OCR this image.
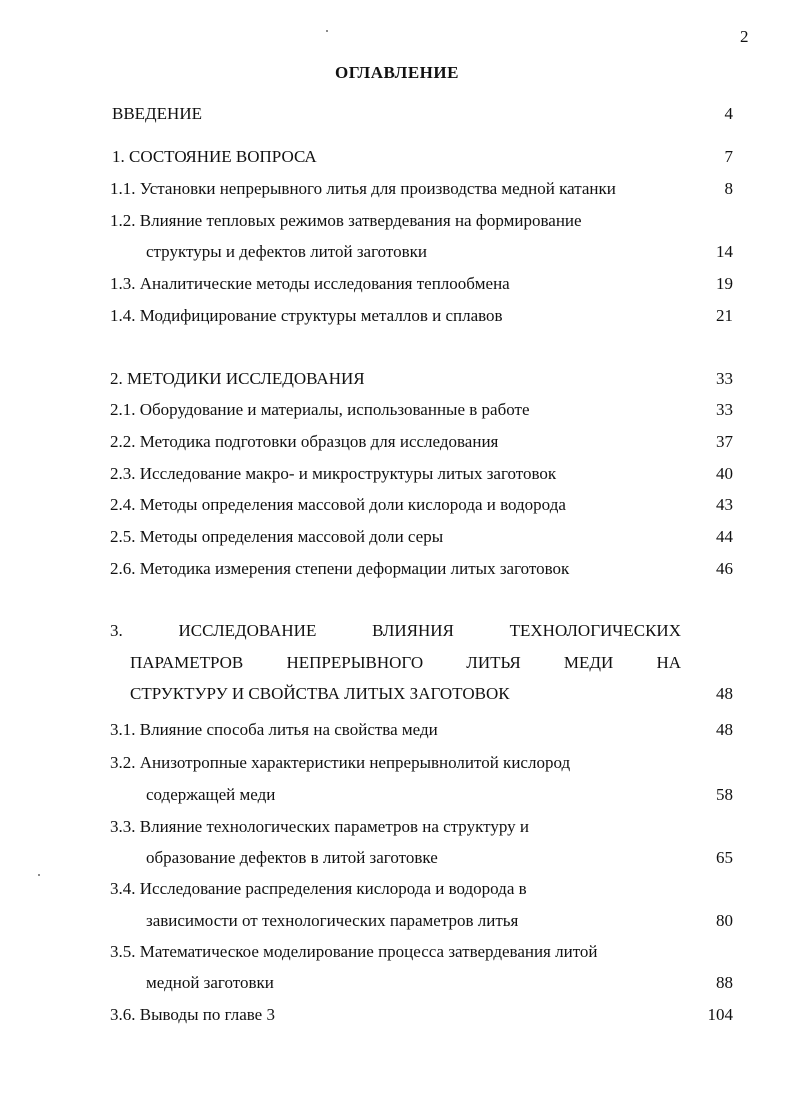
2
ОГЛАВЛЕНИЕ
ВВЕДЕНИЕ	4
1. СОСТОЯНИЕ ВОПРОСА	7
1.1. Установки непрерывного литья для производства медной катанки	8
1.2. Влияние тепловых режимов затвердевания на формирование
структуры и дефектов литой заготовки	14
1.3. Аналитические методы исследования теплообмена	19
1.4. Модифицирование структуры металлов и сплавов	21
2. МЕТОДИКИ ИССЛЕДОВАНИЯ	33
2.1. Оборудование и материалы, использованные в работе	33
2.2. Методика подготовки образцов для исследования	37
2.3. Исследование макро- и микроструктуры литых заготовок	40
2.4. Методы определения массовой доли кислорода и водорода	43
2.5. Методы определения массовой доли серы	44
2.6. Методика измерения степени деформации литых заготовок	46
3.	ИССЛЕДОВАНИЕ	ВЛИЯНИЯ	ТЕХНОЛОГИЧЕСКИХ
ПАРАМЕТРОВ	НЕПРЕРЫВНОГО	ЛИТЬЯ	МЕДИ	НА
СТРУКТУРУ И СВОЙСТВА ЛИТЫХ ЗАГОТОВОК	48
3.1. Влияние способа литья на свойства меди	48
3.2. Анизотропные характеристики непрерывнолитой кислород
содержащей меди	58
3.3. Влияние технологических параметров на структуру и
образование дефектов в литой заготовке	65
3.4. Исследование распределения кислорода и водорода в
зависимости от технологических параметров литья	80
3.5. Математическое моделирование процесса затвердевания литой
медной заготовки	88
3.6. Выводы по главе 3	104
